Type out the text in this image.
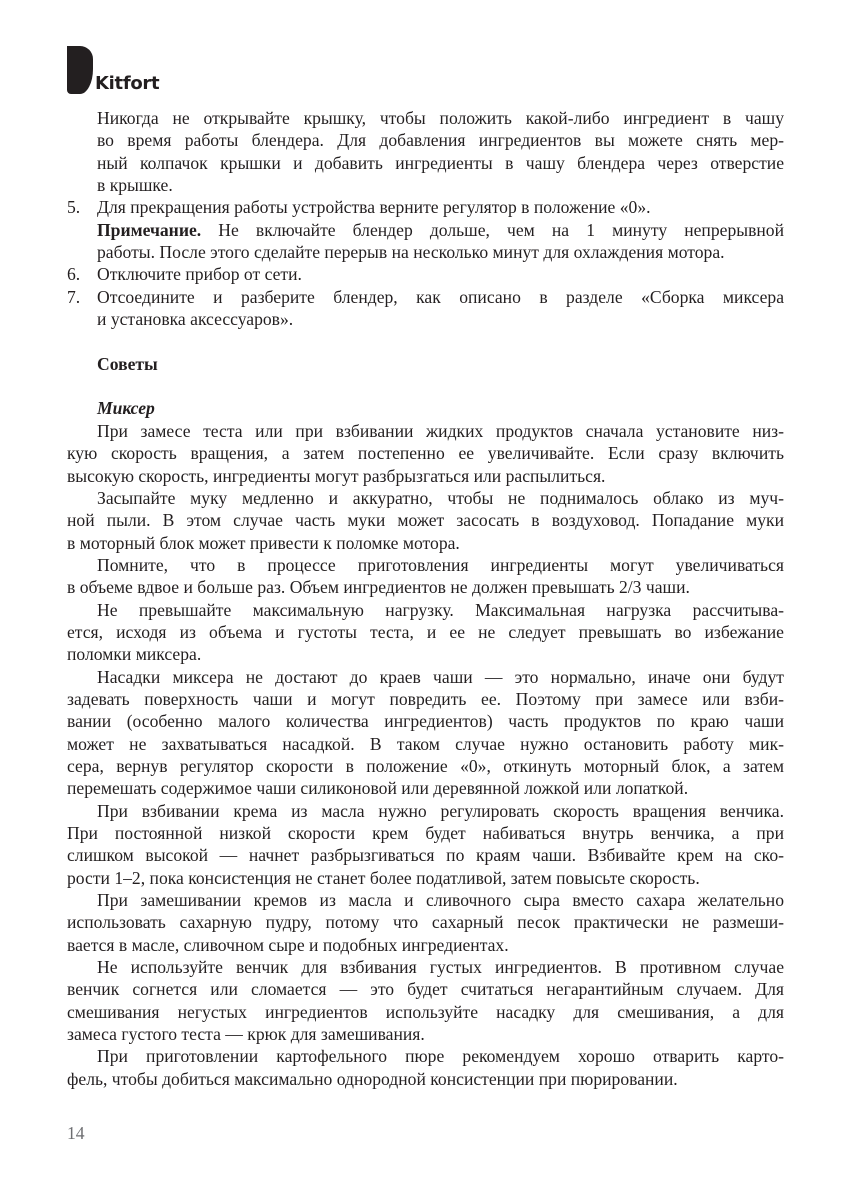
Kitfort
Никогда не открывайте крышку, чтобы положить какой-либо ингредиент в чашу
во время работы блендера. Для добавления ингредиентов вы можете снять мер-
ный колпачок крышки и добавить ингредиенты в чашу блендера через отверстие
в крышке.
5. Для прекращения работы устройства верните регулятор в положение «0».
Примечание. Не включайте блендер дольше, чем на 1 минуту непрерывной
работы. После этого сделайте перерыв на несколько минут для охлаждения мотора.
6. Отключите прибор от сети.
7. Отсоедините и разберите блендер, как описано в разделе «Сборка миксера
и установка аксессуаров».
Советы
Миксер
При замесе теста или при взбивании жидких продуктов сначала установите низ-
кую скорость вращения, а затем постепенно ее увеличивайте. Если сразу включить
высокую скорость, ингредиенты могут разбрызгаться или распылиться.
Засыпайте муку медленно и аккуратно, чтобы не поднималось облако из муч-
ной пыли. В этом случае часть муки может засосать в воздуховод. Попадание муки
в моторный блок может привести к поломке мотора.
Помните, что в процессе приготовления ингредиенты могут увеличиваться
в объеме вдвое и больше раз. Объем ингредиентов не должен превышать 2/3 чаши.
Не превышайте максимальную нагрузку. Максимальная нагрузка рассчитыва-
ется, исходя из объема и густоты теста, и ее не следует превышать во избежание
поломки миксера.
Насадки миксера не достают до краев чаши — это нормально, иначе они будут
задевать поверхность чаши и могут повредить ее. Поэтому при замесе или взби-
вании (особенно малого количества ингредиентов) часть продуктов по краю чаши
может не захватываться насадкой. В таком случае нужно остановить работу мик-
сера, вернув регулятор скорости в положение «0», откинуть моторный блок, а затем
перемешать содержимое чаши силиконовой или деревянной ложкой или лопаткой.
При взбивании крема из масла нужно регулировать скорость вращения венчика.
При постоянной низкой скорости крем будет набиваться внутрь венчика, а при
слишком высокой — начнет разбрызгиваться по краям чаши. Взбивайте крем на ско-
рости 1–2, пока консистенция не станет более податливой, затем повысьте скорость.
При замешивании кремов из масла и сливочного сыра вместо сахара желательно
использовать сахарную пудру, потому что сахарный песок практически не размеши-
вается в масле, сливочном сыре и подобных ингредиентах.
Не используйте венчик для взбивания густых ингредиентов. В противном случае
венчик согнется или сломается — это будет считаться негарантийным случаем. Для
смешивания негустых ингредиентов используйте насадку для смешивания, а для
замеса густого теста — крюк для замешивания.
При приготовлении картофельного пюре рекомендуем хорошо отварить карто-
фель, чтобы добиться максимально однородной консистенции при пюрировании.
14
